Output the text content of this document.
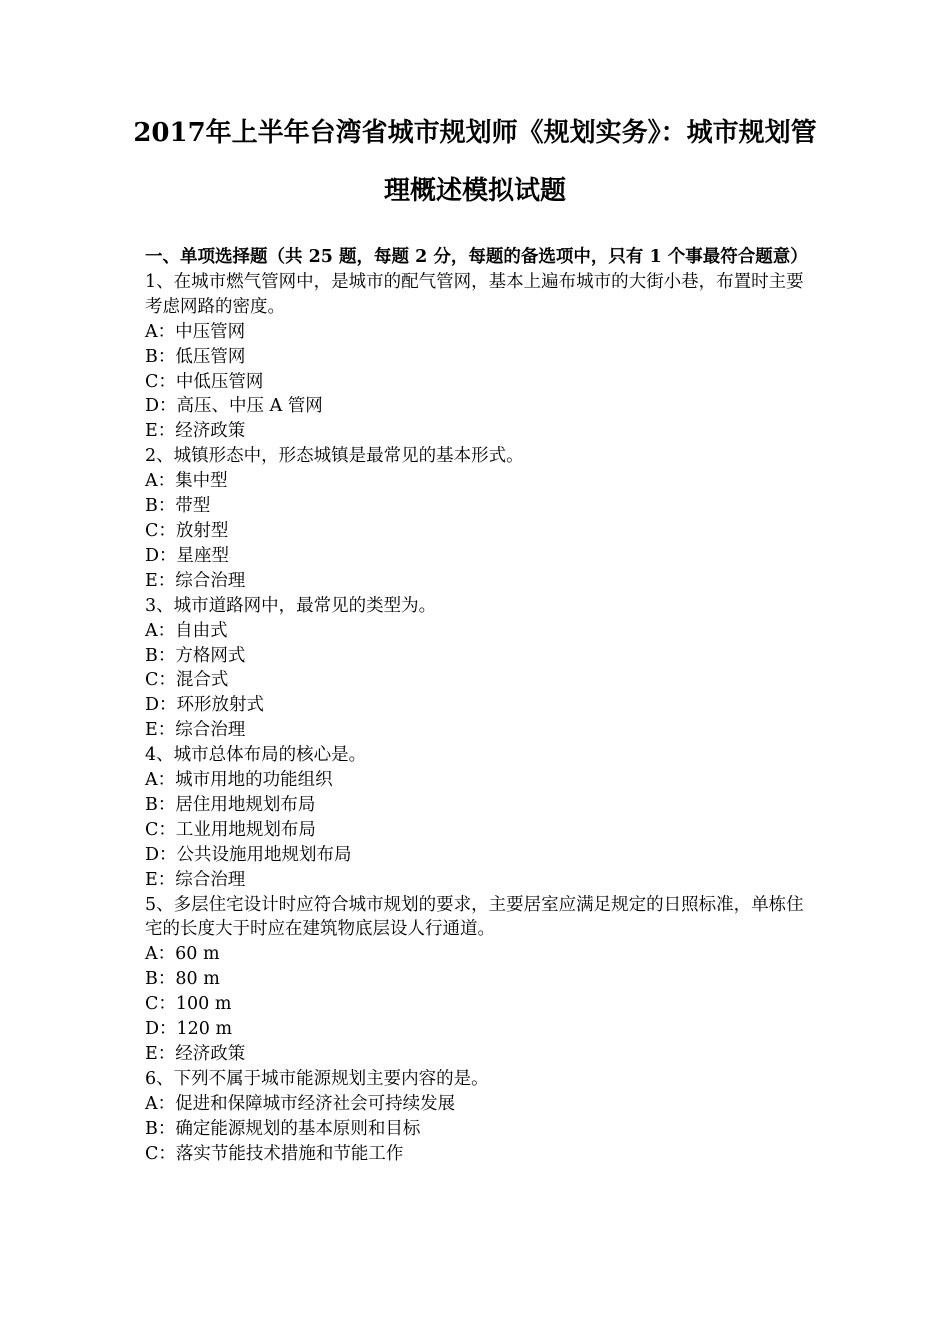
2017年上半年台湾省城市规划师《规划实务》：城市规划管
理概述模拟试题
一、单项选择题（共 25 题，每题 2 分，每题的备选项中，只有 1 个事最符合题意）
1、在城市燃气管网中，是城市的配气管网，基本上遍布城市的大街小巷，布置时主要考虑网路的密度。
A：中压管网
B：低压管网
C：中低压管网
D：高压、中压 A 管网
E：经济政策
2、城镇形态中，形态城镇是最常见的基本形式。
A：集中型
B：带型
C：放射型
D：星座型
E：综合治理
3、城市道路网中，最常见的类型为。
A：自由式
B：方格网式
C：混合式
D：环形放射式
E：综合治理
4、城市总体布局的核心是。
A：城市用地的功能组织
B：居住用地规划布局
C：工业用地规划布局
D：公共设施用地规划布局
E：综合治理
5、多层住宅设计时应符合城市规划的要求，主要居室应满足规定的日照标准，单栋住宅的长度大于时应在建筑物底层设人行通道。
A：60 m
B：80 m
C：100 m
D：120 m
E：经济政策
6、下列不属于城市能源规划主要内容的是。
A：促进和保障城市经济社会可持续发展
B：确定能源规划的基本原则和目标
C：落实节能技术措施和节能工作
